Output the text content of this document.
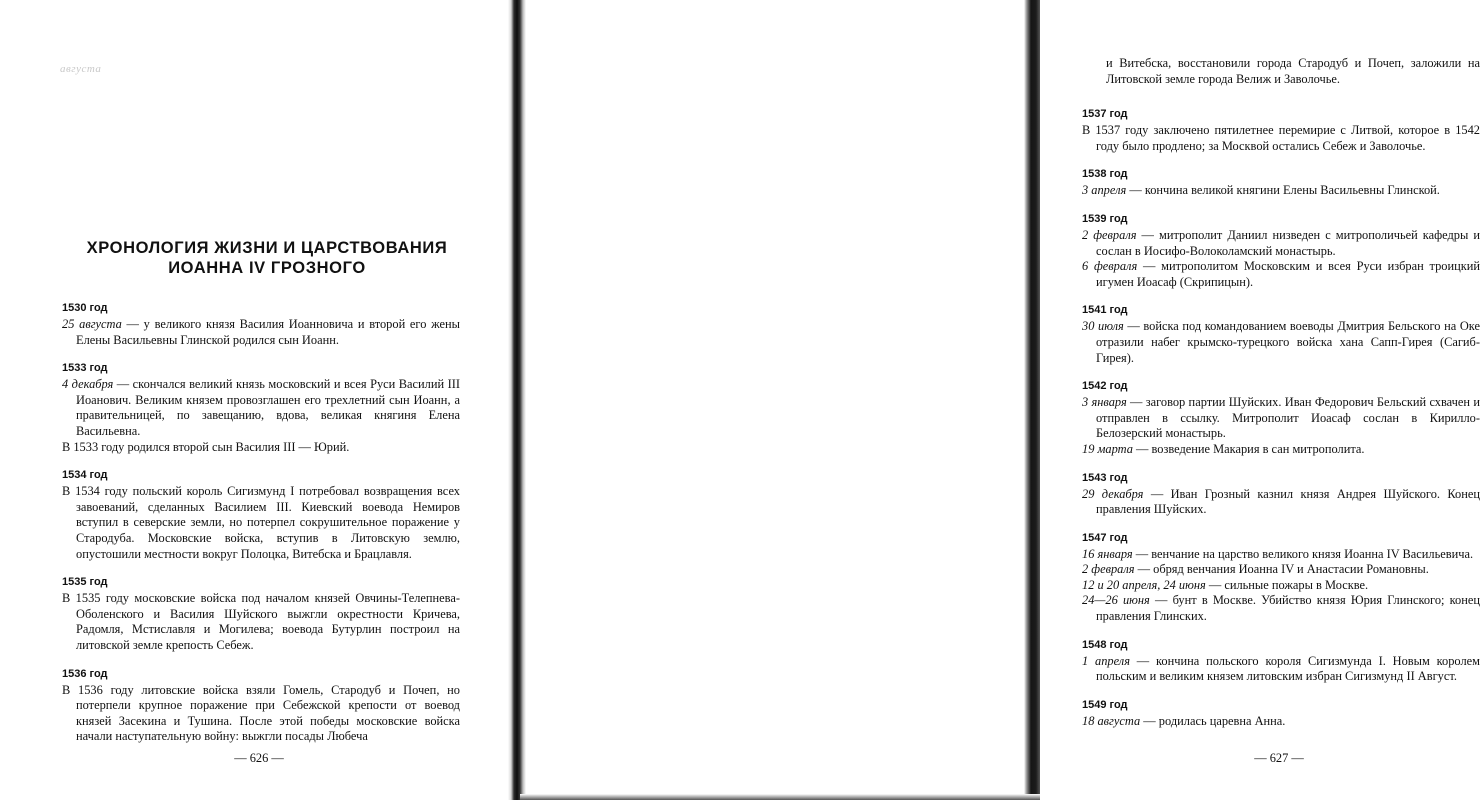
августа
ХРОНОЛОГИЯ ЖИЗНИ И ЦАРСТВОВАНИЯ
ИОАННА IV ГРОЗНОГО
1530 год
25 августа — у великого князя Василия Иоанновича и второй его жены Елены Васильевны Глинской родился сын Иоанн.
1533 год
4 декабря — скончался великий князь московский и всея Руси Василий III Иоанович. Великим князем провозглашен его трехлетний сын Иоанн, а правительницей, по завещанию, вдова, великая княгиня Елена Васильевна.
В 1533 году родился второй сын Василия III — Юрий.
1534 год
В 1534 году польский король Сигизмунд I потребовал возвращения всех завоеваний, сделанных Василием III. Киевский воевода Немиров вступил в северские земли, но потерпел сокрушительное поражение у Стародуба. Московские войска, вступив в Литовскую землю, опустошили местности вокруг Полоцка, Витебска и Брацлавля.
1535 год
В 1535 году московские войска под началом князей Овчины-Телепнева-Оболенского и Василия Шуйского выжгли окрестности Кричева, Радомля, Мстиславля и Могилева; воевода Бутурлин построил на литовской земле крепость Себеж.
1536 год
В 1536 году литовские войска взяли Гомель, Стародуб и Почеп, но потерпели крупное поражение при Себежской крепости от воевод князей Засекина и Тушина. После этой победы московские войска начали наступательную войну: выжгли посады Любеча
— 626 —
и Витебска, восстановили города Стародуб и Почеп, заложили на Литовской земле города Велиж и Заволочье.
1537 год
В 1537 году заключено пятилетнее перемирие с Литвой, которое в 1542 году было продлено; за Москвой остались Себеж и Заволочье.
1538 год
3 апреля — кончина великой княгини Елены Васильевны Глинской.
1539 год
2 февраля — митрополит Даниил низведен с митрополичьей кафедры и сослан в Иосифо-Волоколамский монастырь.
6 февраля — митрополитом Московским и всея Руси избран троицкий игумен Иоасаф (Скрипицын).
1541 год
30 июля — войска под командованием воеводы Дмитрия Бельского на Оке отразили набег крымско-турецкого войска хана Сапп-Гирея (Сагиб-Гирея).
1542 год
3 января — заговор партии Шуйских. Иван Федорович Бельский схвачен и отправлен в ссылку. Митрополит Иоасаф сослан в Кирилло-Белозерский монастырь.
19 марта — возведение Макария в сан митрополита.
1543 год
29 декабря — Иван Грозный казнил князя Андрея Шуйского. Конец правления Шуйских.
1547 год
16 января — венчание на царство великого князя Иоанна IV Васильевича.
2 февраля — обряд венчания Иоанна IV и Анастасии Романовны.
12 и 20 апреля, 24 июня — сильные пожары в Москве.
24—26 июня — бунт в Москве. Убийство князя Юрия Глинского; конец правления Глинских.
1548 год
1 апреля — кончина польского короля Сигизмунда I. Новым королем польским и великим князем литовским избран Сигизмунд II Август.
1549 год
18 августа — родилась царевна Анна.
— 627 —
